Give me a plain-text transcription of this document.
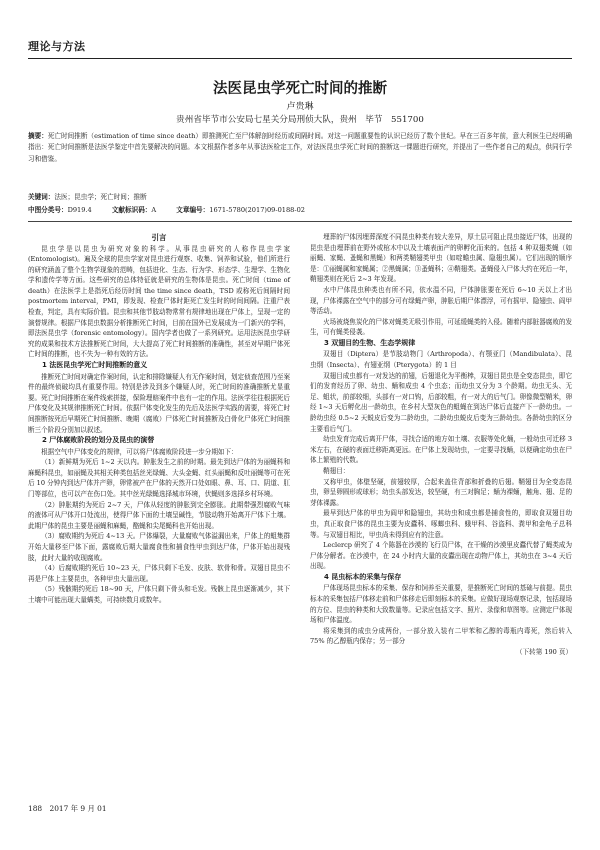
理论与方法
法医昆虫学死亡时间的推断
卢贵琳
贵州省毕节市公安局七星关分局刑侦大队，贵州　毕节　551700
摘要：死亡时间推断（estimation of time since death）即推测死亡至尸体解剖时经历或间隔时间。对这一问题重要性的认识已经历了数个世纪。早在三百多年前，意大利医生已经明确指出：死亡时间推断是法医学鉴定中首先要解决的问题。本文根据作者多年从事法医检定工作，对法医昆虫学死亡时间的推断这一课题进行研究，并提出了一些作者自己的观点，供同行学习和借鉴。
关键词：法医；昆虫学；死亡时间；推断
中图分类号：D919.4	文献标识码：A	文章编号：1671-5780(2017)09-0188-02
引言

昆虫学是以昆虫为研究对象的科学。从事昆虫研究的人称作昆虫学家(Entomologist)。遍及全球的昆虫学家对昆虫进行观察、收集、饲养和试验，他们所进行的研究涵盖了整个生物学现象的范畴，包括进化、生态、行为学、形态学、生理学、生物化学和遗传学等方面。这些研究的总体特征就是研究的生物体是昆虫。死亡时间（time of death）在法医学上是指死后经历时间 the time since death，TSD 或称死后间隔时间 postmortem interval，PMI，即发现、检查尸体时距死亡发生时的时间间隔。注重尸表检查，判定，具有实际价值。昆虫和其他节肢动物常常有规律地出现在尸体上，呈现一定的演替规律。根据尸体昆虫数据分析推断死亡时间，目前在国外已发展成为一门新兴的学科，即法医昆虫学（forensic entomology）。国内学者也做了一系列研究。运用法医昆虫学研究的成果和技术方法推断死亡时间，大大提高了死亡时间推断的准确性，甚至对早期尸体死亡时间的推断，也不失为一种有效的方法。

1 法医昆虫学死亡时间推断的意义

推断死亡时间对确定作案时间，认定和排除嫌疑人有无作案时间，划定侦查范围乃至案件的最终侦破均具有重要作用。特别是涉及到多个嫌疑人时，死亡时间的准确推断尤显重要。死亡时间推断在案件线索拼接，保险理赔案件中也有一定的作用。法医学往往根据死后尸体变化及其规律推断死亡时间。依据尸体变化发生的先后及法医学实践的需要，将死亡时间推断按死后早期死亡时间推断、晚期（腐败）尸体死亡时间推断及白骨化尸体死亡时间推断三个阶段分别加以叙述。

2 尸体腐败阶段的划分及昆虫的演替

根据空气中尸体变化的规律，可以将尸体腐败阶段进一步分期如下：

（1）新鲜期为死后 1~2 天以内。肿胀发生之前的时期。最先到达尸体的为丽蝇科和麻蝇科昆虫，如丽蝇及其相关种类包括丝光绿蝇、大头金蝇、红头丽蝇和反吐丽蝇等可在死后 10 分钟内到达尸体并产卵，卵常被产在尸体的天然开口处如眼、鼻、耳、口、阴道、肛门等部位，也可以产在伤口处。其中丝光绿蝇选择城市环境，伏蝇则多选择乡村环境。

（2）肿胀期约为死后 2~7 天，尸体从轻度的肿胀到完全膨胀。此期带强烈腐败气味的液体可从尸体开口处流出，使得尸体下面的土壤呈碱性，节肢动物开始离开尸体下土壤。此期尸体的昆虫主要是丽蝇和麻蝇，酪蝇和尖尾蝇科也开始出现。

（3）腐败期约为死后 4~13 天。尸体爆裂，大量腐败气体溢漏出来，尸体上的蛆集群开始大量移至尸体下面，露腐败后期大量腐食性和捕食性甲虫到达尸体，尸体开始出现残肢，此时大量的收现腐败。

（4）后腐败期约死后 10~23 天，尸体只剩下毛发、皮肤、软骨和骨。双翅目昆虫不再是尸体上主要昆虫，各种甲虫大量出现。

（5）残骸期约死后 18~90 天，尸体只剩下骨头和毛发。残骸上昆虫逐渐减少，其下土壤中可能出现大量螨类，可持续数月或数年。

埋葬的尸体因埋葬深度不同昆虫种类有较大差异，厚土层可阻止昆虫接近尸体，出现的昆虫是由埋葬前在野外或棺木中以及土壤表面产的卵孵化而来的。包括 4 种双翅类蝇（如丽蝇、家蝇、蚤蝇和黑蝇）和两类鞘翅类甲虫（如啶蟾虫属、隐翅虫属）。它们出现的顺序是：①丽蝇属和家蝇属；②黑蝇属；③蚤蝇科；④鞘翅类。蚤蝇侵入尸体大约在死后一年，鞘翅类则在死后 2~3 年发现。

水中尸体昆虫种类也有所不同，依水温不同，尸体肿胀要在死后 6~10 天以上才出现，尸体裸露在空气中的部分可有绿蝇产卵，肿胀后期尸体漂浮，可有摇甲、隐翅虫、阎甲等活动。

火场被烧焦炭化的尸体对蝇类无吸引作用，可延缓蝇类的入侵。随着内部脏器腐败的发生，可有蝇类侵袭。

3 双翅目的生物、生态学规律

双翅目（Diptera）是节肢动物门（Arthropoda）、有颚亚门（Mandibulata）、昆虫纲（Insecta）、有翅亚纲（Pterygota）的 1 目

双翅目成虫都有一对发达的前翅，后翅退化为平衡棒，双翅目昆虫是全变态昆虫，即它们的发育经历了卵、幼虫、蛹和成虫 4 个虫态；而幼虫又分为 3 个龄期。幼虫无头、无足、蛆状，前部较细，头部有一对口钩，后部较粗，有一对大的后气门。卵像微型鞘米，卵经 1~3 天后孵化出一龄幼虫，在乡村大型灰色的蛆蝇在到达尸体后直接产下一龄幼虫。一龄幼虫经 0.5~2 天蜕皮后变为二龄幼虫，二龄幼虫蜕皮后变为三龄幼虫。各龄幼虫的区分主要看后气门。

幼虫发育完成后离开尸体，寻找合适的地方如土壤、衣服等处化蛹，一般幼虫可迁移 3 米左右，在硬的表面迁移距离更远。在尸体上发现幼虫，一定要寻找蛹，以便确定幼虫在尸体上繁殖的代数。

鞘翅目：

又称甲虫，体壁坚硬，前翅较厚，合起来盖住背部和折叠的后翅。鞘翅目为全变态昆虫，卵呈卵圆形或球形；幼虫头部发达，较坚硬，有三对胸足；蛹为裸蛹，触角、翅、足的芽体裸露。

最早到达尸体的甲虫为阎甲和隐翅虫，其幼虫和成虫都是捕食性的，即取食双翅目幼虫，真正取食尸体的昆虫主要为皮蠹科、啄螂虫科、蛾甲科、谷盗科、粪甲和金龟子总科等。与双翅目相比，甲虫尚未得到应有的注意。

Leclercp 研究了 4 个陈器在沙漠的飞行员尸体，在干燥的沙漠里皮蠹代替了蝇类成为尸体分解者。在沙漠中，在 24 小时内大量的皮蠹出现在动物尸体上，其幼虫在 3~4 天后出现。

4 昆虫标本的采集与保存

尸体现场昆虫标本的采集、保存和饲养至关重要，是推断死亡时间的基础与前提。昆虫标本的采集包括尸体移走前和尸体移走后即刻标本的采集。应做好现场观察记录，包括现场的方位、昆虫的种类和大致数量等。记录应包括文字、照片、录像和草图等。应测定尸体现场和尸体温度。

将采集到的成虫分成两份，一部分放入装有二甲苯和乙醇的毒瓶内毒死，然后转入 75% 的乙醇瓶内保存；另一部分

（下转第 190 页）

188　2017 年 9 月 01
